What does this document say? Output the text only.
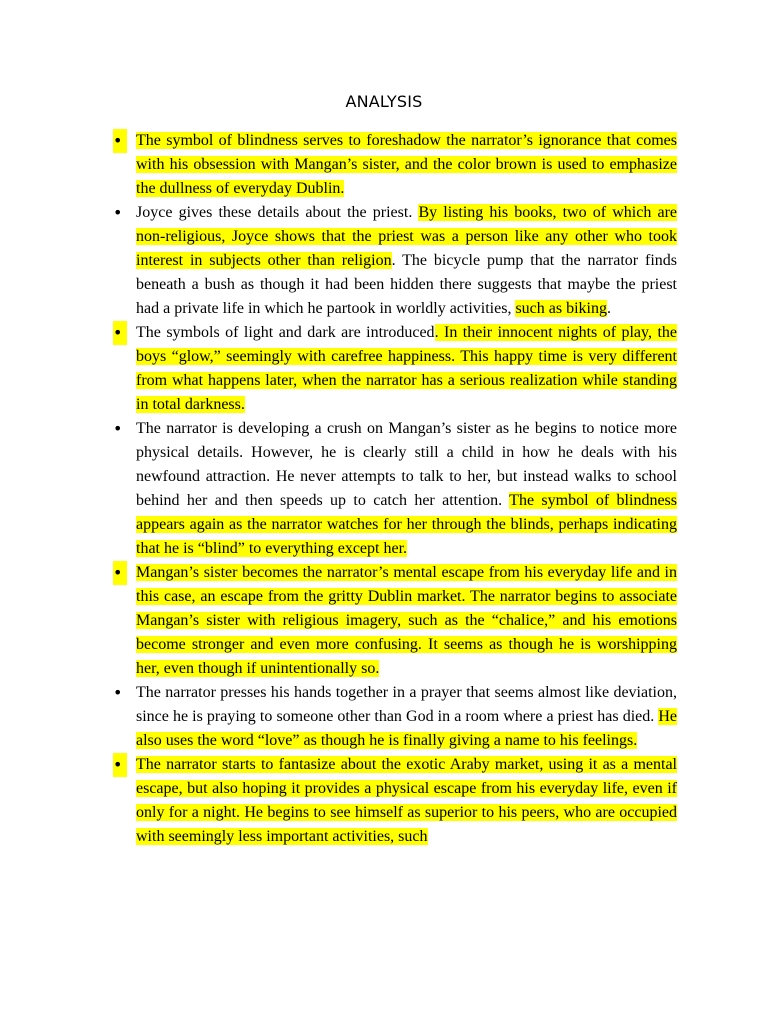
ANALYSIS
• The symbol of blindness serves to foreshadow the narrator’s ignorance that comes with his obsession with Mangan’s sister, and the color brown is used to emphasize the dullness of everyday Dublin.
• Joyce gives these details about the priest. By listing his books, two of which are non-religious, Joyce shows that the priest was a person like any other who took interest in subjects other than religion. The bicycle pump that the narrator finds beneath a bush as though it had been hidden there suggests that maybe the priest had a private life in which he partook in worldly activities, such as biking.
• The symbols of light and dark are introduced. In their innocent nights of play, the boys “glow,” seemingly with carefree happiness. This happy time is very different from what happens later, when the narrator has a serious realization while standing in total darkness.
• The narrator is developing a crush on Mangan’s sister as he begins to notice more physical details. However, he is clearly still a child in how he deals with his newfound attraction. He never attempts to talk to her, but instead walks to school behind her and then speeds up to catch her attention. The symbol of blindness appears again as the narrator watches for her through the blinds, perhaps indicating that he is “blind” to everything except her.
• Mangan’s sister becomes the narrator’s mental escape from his everyday life and in this case, an escape from the gritty Dublin market. The narrator begins to associate Mangan’s sister with religious imagery, such as the “chalice,” and his emotions become stronger and even more confusing. It seems as though he is worshipping her, even though if unintentionally so.
• The narrator presses his hands together in a prayer that seems almost like deviation, since he is praying to someone other than God in a room where a priest has died. He also uses the word “love” as though he is finally giving a name to his feelings.
• The narrator starts to fantasize about the exotic Araby market, using it as a mental escape, but also hoping it provides a physical escape from his everyday life, even if only for a night. He begins to see himself as superior to his peers, who are occupied with seemingly less important activities, such
